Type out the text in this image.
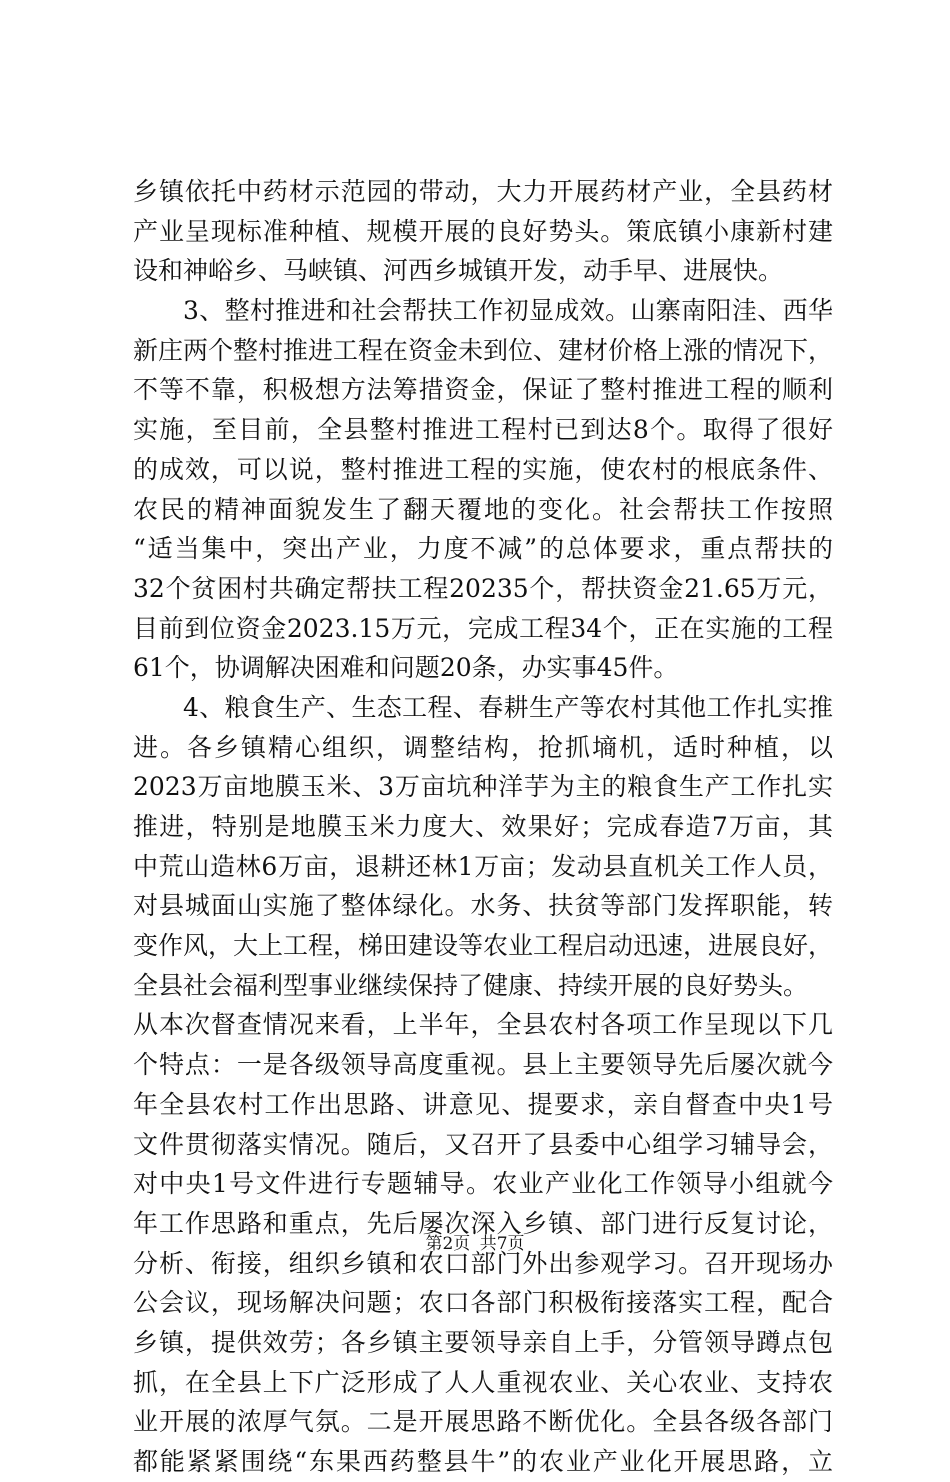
乡镇依托中药材示范园的带动，大力开展药材产业，全县药材
产业呈现标准种植、规模开展的良好势头。策底镇小康新村建
设和神峪乡、马峡镇、河西乡城镇开发，动手早、进展快。
3、整村推进和社会帮扶工作初显成效。山寨南阳洼、西华
新庄两个整村推进工程在资金未到位、建材价格上涨的情况下，
不等不靠，积极想方法筹措资金，保证了整村推进工程的顺利
实施，至目前，全县整村推进工程村已到达8个。取得了很好
的成效，可以说，整村推进工程的实施，使农村的根底条件、
农民的精神面貌发生了翻天覆地的变化。社会帮扶工作按照
“适当集中，突出产业，力度不减”的总体要求，重点帮扶的
32个贫困村共确定帮扶工程20235个，帮扶资金21.65万元，
目前到位资金2023.15万元，完成工程34个，正在实施的工程
61个，协调解决困难和问题20条，办实事45件。
4、粮食生产、生态工程、春耕生产等农村其他工作扎实推
进。各乡镇精心组织，调整结构，抢抓墒机，适时种植，以
2023万亩地膜玉米、3万亩坑种洋芋为主的粮食生产工作扎实
推进，特别是地膜玉米力度大、效果好；完成春造7万亩，其
中荒山造林6万亩，退耕还林1万亩；发动县直机关工作人员，
对县城面山实施了整体绿化。水务、扶贫等部门发挥职能，转
变作风，大上工程，梯田建设等农业工程启动迅速，进展良好，
全县社会福利型事业继续保持了健康、持续开展的良好势头。
从本次督查情况来看，上半年，全县农村各项工作呈现以下几
个特点：一是各级领导高度重视。县上主要领导先后屡次就今
年全县农村工作出思路、讲意见、提要求，亲自督查中央1号
文件贯彻落实情况。随后，又召开了县委中心组学习辅导会，
对中央1号文件进行专题辅导。农业产业化工作领导小组就今
年工作思路和重点，先后屡次深入乡镇、部门进行反复讨论，
分析、衔接，组织乡镇和农口部门外出参观学习。召开现场办
公会议，现场解决问题；农口各部门积极衔接落实工程，配合
乡镇，提供效劳；各乡镇主要领导亲自上手，分管领导蹲点包
抓，在全县上下广泛形成了人人重视农业、关心农业、支持农
业开展的浓厚气氛。二是开展思路不断优化。全县各级各部门
都能紧紧围绕“东果西药整县牛”的农业产业化开展思路，立
第2页 共7页
